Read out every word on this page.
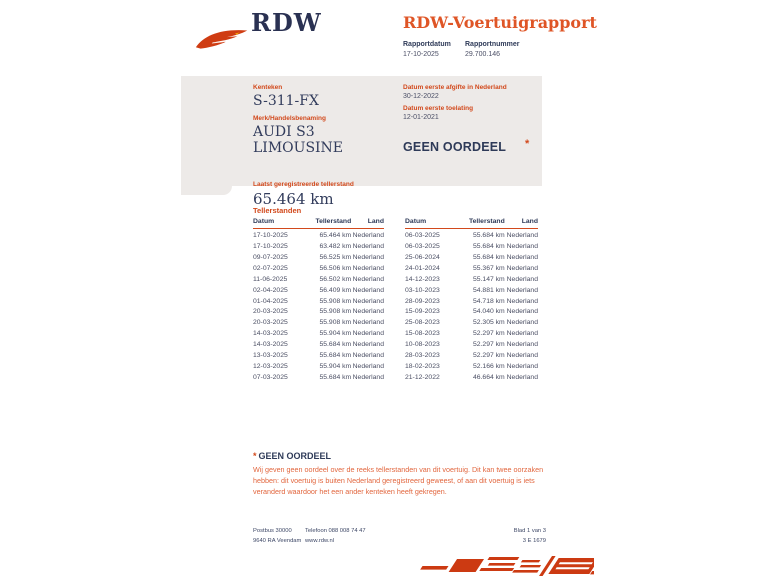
RDW	RDW-Voertuigrapport
Rapportdatum
17-10-2025
Rapportnummer
29.700.146
Kenteken
S-311-FX
Merk/Handelsbenaming
AUDI S3 LIMOUSINE
Laatst geregistreerde tellerstand
65.464 km
Datum eerste afgifte in Nederland
30-12-2022
Datum eerste toelating
12-01-2021
GEEN OORDEEL	*
Tellerstanden
Datum	Tellerstand	Land
17-10-2025	65.464 km	Nederland
17-10-2025	63.482 km	Nederland
09-07-2025	56.525 km	Nederland
02-07-2025	56.506 km	Nederland
11-06-2025	56.502 km	Nederland
02-04-2025	56.409 km	Nederland
01-04-2025	55.908 km	Nederland
20-03-2025	55.908 km	Nederland
20-03-2025	55.908 km	Nederland
14-03-2025	55.904 km	Nederland
14-03-2025	55.684 km	Nederland
13-03-2025	55.684 km	Nederland
12-03-2025	55.904 km	Nederland
07-03-2025	55.684 km	Nederland
Datum	Tellerstand	Land
06-03-2025	55.684 km	Nederland
06-03-2025	55.684 km	Nederland
25-06-2024	55.684 km	Nederland
24-01-2024	55.367 km	Nederland
14-12-2023	55.147 km	Nederland
03-10-2023	54.881 km	Nederland
28-09-2023	54.718 km	Nederland
15-09-2023	54.040 km	Nederland
25-08-2023	52.305 km	Nederland
15-08-2023	52.297 km	Nederland
10-08-2023	52.297 km	Nederland
28-03-2023	52.297 km	Nederland
18-02-2023	52.166 km	Nederland
21-12-2022	46.664 km	Nederland
* GEEN OORDEEL
Wij geven geen oordeel over de reeks tellerstanden van dit voertuig. Dit kan twee oorzaken hebben: dit voertuig is buiten Nederland geregistreerd geweest, of aan dit voertuig is iets veranderd waardoor het een ander kenteken heeft gekregen.
Postbus 30000
9640 RA Veendam
Telefoon 088 008 74 47
www.rdw.nl
Blad 1 van 3
3 E 1679
